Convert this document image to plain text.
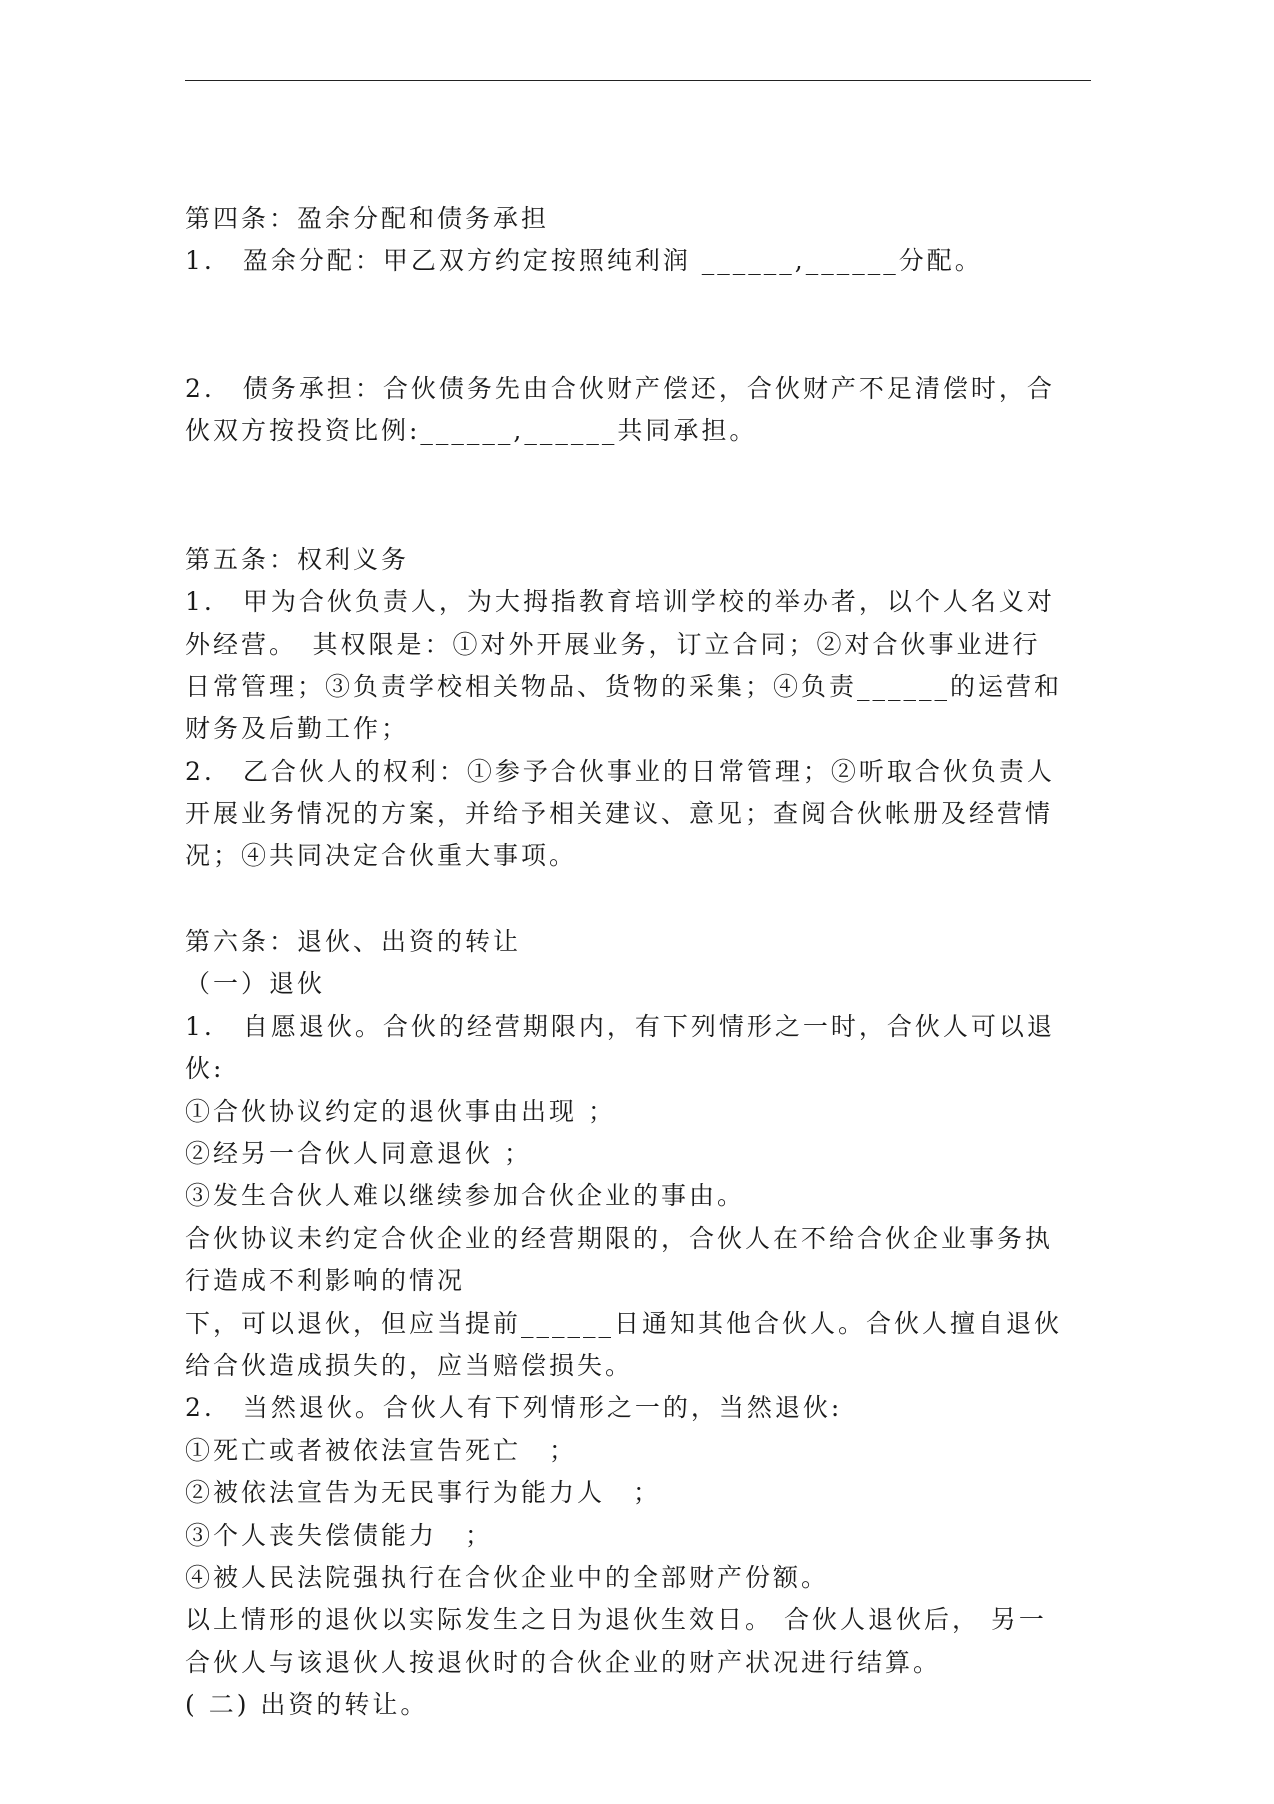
第四条：盈余分配和债务承担
1.　盈余分配：甲乙双方约定按照纯利润 ______,______分配。
2.　债务承担：合伙债务先由合伙财产偿还，合伙财产不足清偿时，合
伙双方按投资比例:______,______共同承担。
第五条：权利义务
1.　甲为合伙负责人，为大拇指教育培训学校的举办者，以个人名义对
外经营。　其权限是：①对外开展业务，订立合同；②对合伙事业进行
日常管理；③负责学校相关物品、货物的采集；④负责______的运营和
财务及后勤工作；
2.　乙合伙人的权利：①参予合伙事业的日常管理；②听取合伙负责人
开展业务情况的方案，并给予相关建议、意见；查阅合伙帐册及经营情
况；④共同决定合伙重大事项。
第六条：退伙、出资的转让
（一）退伙
1.　自愿退伙。合伙的经营期限内，有下列情形之一时，合伙人可以退
伙:
①合伙协议约定的退伙事由出现 ；
②经另一合伙人同意退伙 ；
③发生合伙人难以继续参加合伙企业的事由。
合伙协议未约定合伙企业的经营期限的，合伙人在不给合伙企业事务执
行造成不利影响的情况
下，可以退伙，但应当提前______日通知其他合伙人。合伙人擅自退伙
给合伙造成损失的，应当赔偿损失。
2.　当然退伙。合伙人有下列情形之一的，当然退伙:
①死亡或者被依法宣告死亡　；
②被依法宣告为无民事行为能力人　；
③个人丧失偿债能力　；
④被人民法院强执行在合伙企业中的全部财产份额。
以上情形的退伙以实际发生之日为退伙生效日。 合伙人退伙后， 另一
合伙人与该退伙人按退伙时的合伙企业的财产状况进行结算。
( 二) 出资的转让。
